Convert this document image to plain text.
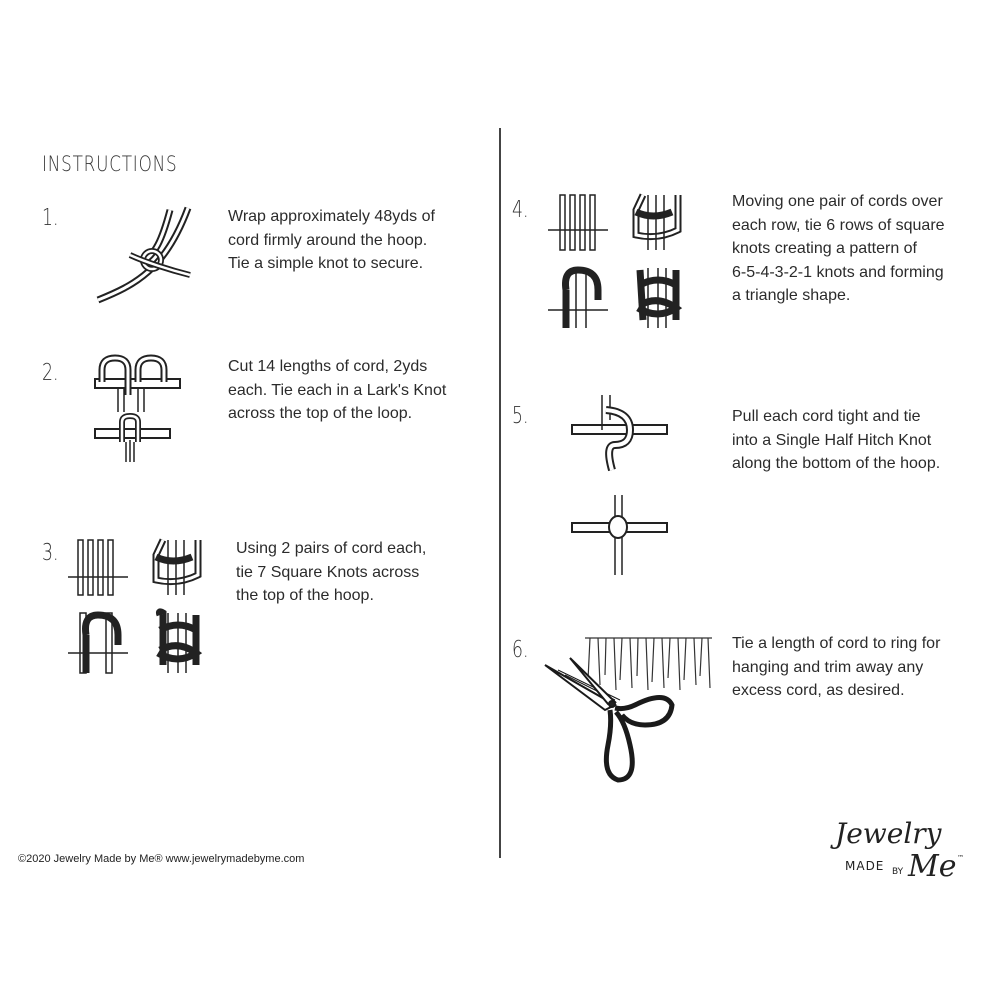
INSTRUCTIONS
1.	Wrap approximately 48yds of
cord firmly around the hoop.
Tie a simple knot to secure.
2.	Cut 14 lengths of cord, 2yds
each. Tie each in a Lark's Knot
across the top of the loop.
3.	Using 2 pairs of cord each,
tie 7 Square Knots across
the top of the hoop.
4.	Moving one pair of cords over
each row, tie 6 rows of square
knots creating a pattern of
6-5-4-3-2-1 knots and forming
a triangle shape.
5.	Pull each cord tight and tie
into a Single Half Hitch Knot
along the bottom of the hoop.
6.	Tie a length of cord to ring for
hanging and trim away any
excess cord, as desired.
©2020 Jewelry Made by Me® www.jewelrymadebyme.com
Jewelry
MADE BY Me ™
